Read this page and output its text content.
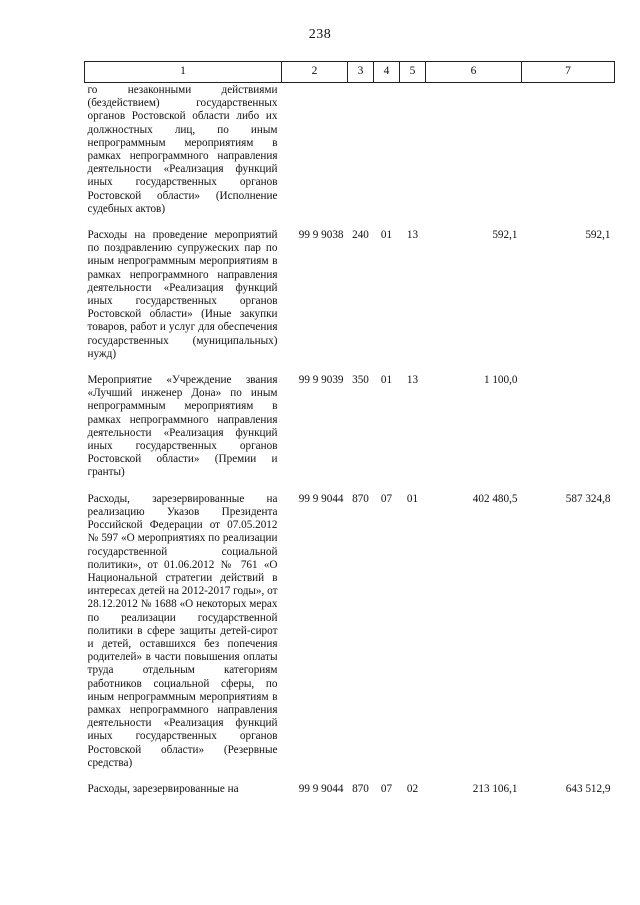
238
1	2	3	4	5	6	7
го незаконными действиями (бездействием) государственных органов Ростовской области либо их должностных лиц, по иным непрограммным мероприятиям в рамках непрограммного направления деятельности «Реализация функций иных государственных органов Ростовской области» (Исполнение судебных актов)						
Расходы на проведение мероприятий по поздравлению супружеских пар по иным непрограммным мероприятиям в рамках непрограммного направления деятельности «Реализация функций иных государственных органов Ростовской области» (Иные закупки товаров, работ и услуг для обеспечения государственных (муниципальных) нужд)	99 9 9038	240	01	13	592,1	592,1
Мероприятие «Учреждение звания «Лучший инженер Дона» по иным непрограммным мероприятиям в рамках непрограммного направления деятельности «Реализация функций иных государственных органов Ростовской области» (Премии и гранты)	99 9 9039	350	01	13	1 100,0	
Расходы, зарезервированные на реализацию Указов Президента Российской Федерации от 07.05.2012 № 597 «О мероприятиях по реализации государственной социальной политики», от 01.06.2012 № 761 «О Национальной стратегии действий в интересах детей на 2012-2017 годы», от 28.12.2012 № 1688 «О некоторых мерах по реализации государственной политики в сфере защиты детей-сирот и детей, оставшихся без попечения родителей» в части повышения оплаты труда отдельным категориям работников социальной сферы, по иным непрограммным мероприятиям в рамках непрограммного направления деятельности «Реализация функций иных государственных органов Ростовской области» (Резервные средства)	99 9 9044	870	07	01	402 480,5	587 324,8
Расходы, зарезервированные на	99 9 9044	870	07	02	213 106,1	643 512,9
